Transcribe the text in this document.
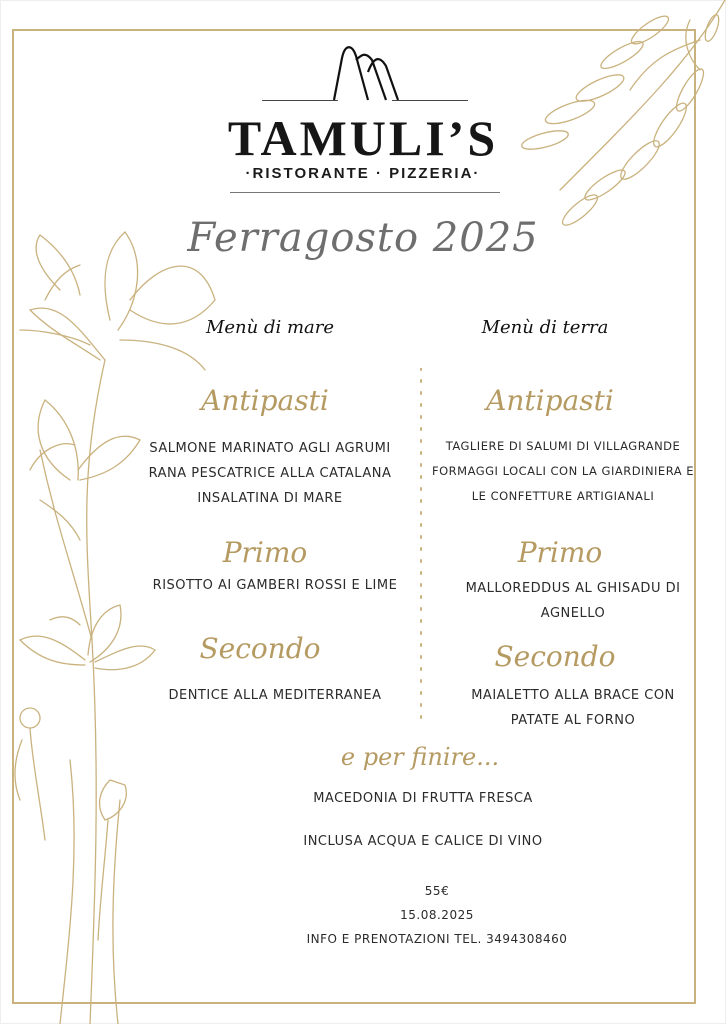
TAMULI’S
·RISTORANTE · PIZZERIA·
Ferragosto 2025
Menù di mare	Menù di terra
Antipasti
SALMONE MARINATO AGLI AGRUMI
RANA PESCATRICE ALLA CATALANA
INSALATINA DI MARE
Primo
RISOTTO AI GAMBERI ROSSI E LIME
Secondo
DENTICE ALLA MEDITERRANEA
Antipasti
TAGLIERE DI SALUMI DI VILLAGRANDE
FORMAGGI LOCALI CON LA GIARDINIERA E
LE CONFETTURE ARTIGIANALI
Primo
MALLOREDDUS AL GHISADU DI
AGNELLO
Secondo
MAIALETTO ALLA BRACE CON
PATATE AL FORNO
e per finire...
MACEDONIA DI FRUTTA FRESCA
INCLUSA ACQUA E CALICE DI VINO
55€
15.08.2025
INFO E PRENOTAZIONI TEL. 3494308460
